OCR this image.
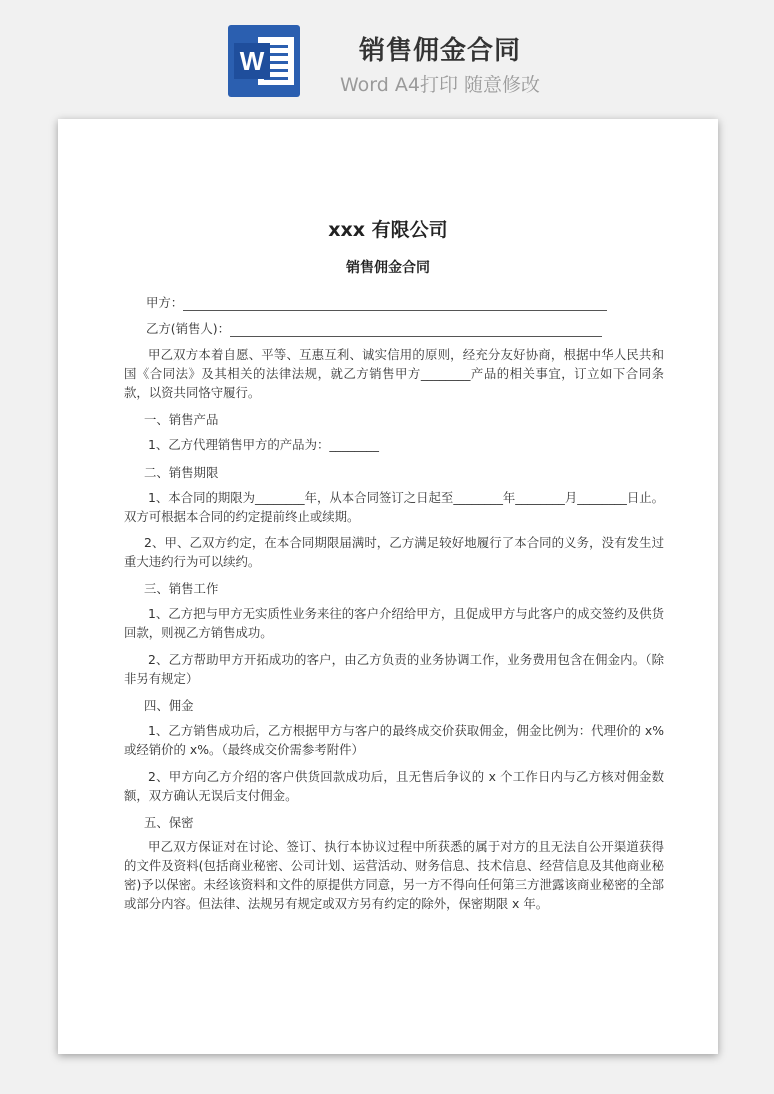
W	销售佣金合同
Word A4打印 随意修改
xxx 有限公司
销售佣金合同
甲方：
乙方(销售人)：
甲乙双方本着自愿、平等、互惠互利、诚实信用的原则，经充分友好协商，根据中华人民共和国《合同法》及其相关的法律法规，就乙方销售甲方________产品的相关事宜，订立如下合同条款，以资共同恪守履行。
一、销售产品
1、乙方代理销售甲方的产品为：________
二、销售期限
1、本合同的期限为________年，从本合同签订之日起至________年________月________日止。双方可根据本合同的约定提前终止或续期。
2、甲、乙双方约定，在本合同期限届满时，乙方满足较好地履行了本合同的义务，没有发生过重大违约行为可以续约。
三、销售工作
1、乙方把与甲方无实质性业务来往的客户介绍给甲方，且促成甲方与此客户的成交签约及供货回款，则视乙方销售成功。
2、乙方帮助甲方开拓成功的客户，由乙方负责的业务协调工作，业务费用包含在佣金内。（除非另有规定）
四、佣金
1、乙方销售成功后，乙方根据甲方与客户的最终成交价获取佣金，佣金比例为：代理价的 x%或经销价的 x%。（最终成交价需参考附件）
2、甲方向乙方介绍的客户供货回款成功后，且无售后争议的 x 个工作日内与乙方核对佣金数额，双方确认无误后支付佣金。
五、保密
甲乙双方保证对在讨论、签订、执行本协议过程中所获悉的属于对方的且无法自公开渠道获得的文件及资料(包括商业秘密、公司计划、运营活动、财务信息、技术信息、经营信息及其他商业秘密)予以保密。未经该资料和文件的原提供方同意，另一方不得向任何第三方泄露该商业秘密的全部或部分内容。但法律、法规另有规定或双方另有约定的除外，保密期限 x 年。
